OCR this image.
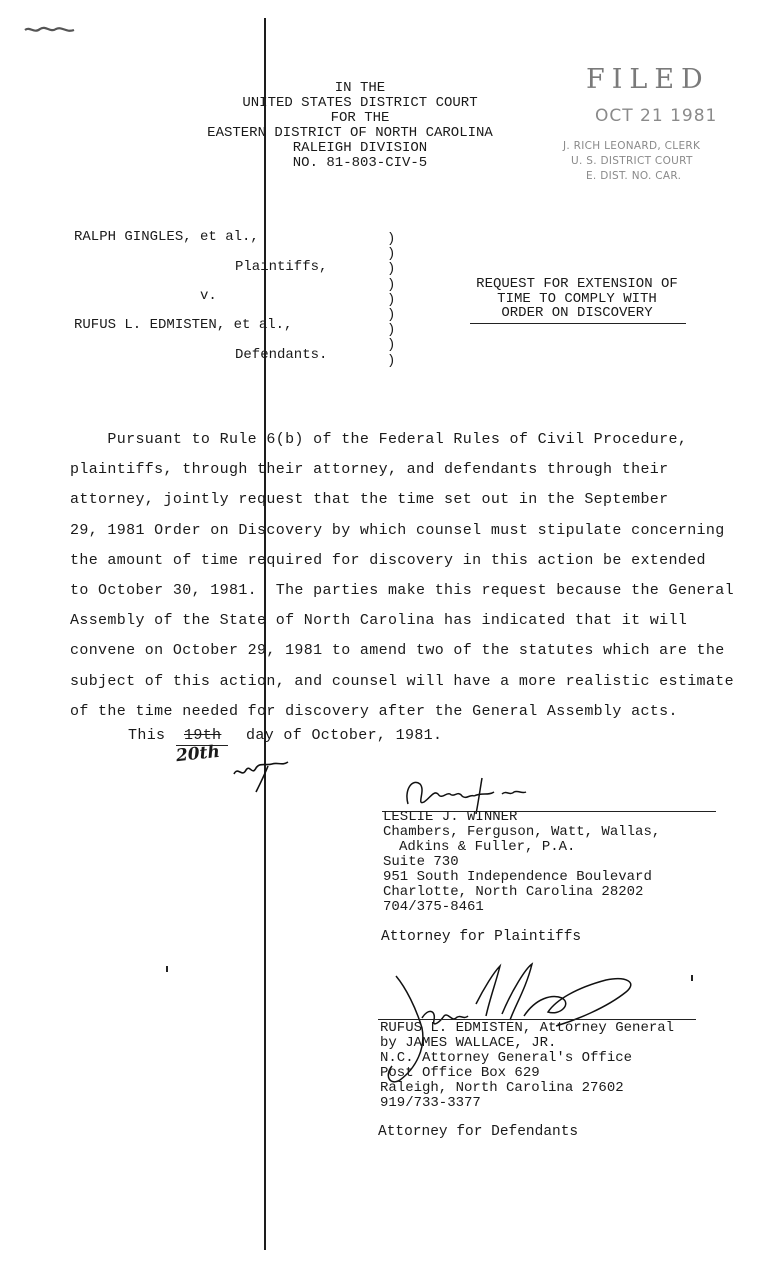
IN THE
UNITED STATES DISTRICT COURT
FOR THE
EASTERN DISTRICT OF NORTH CAROLINA
RALEIGH DIVISION
NO. 81-803-CIV-5
FILED
OCT 21 1981
J. RICH LEONARD, CLERK
U. S. DISTRICT COURT
E. DIST. NO. CAR.
RALPH GINGLES, et al.,
Plaintiffs,
v.
RUFUS L. EDMISTEN, et al.,
Defendants.
)
)
)
)
)
)
)
)
)
REQUEST FOR EXTENSION OF
TIME TO COMPLY WITH
ORDER ON DISCOVERY
Pursuant to Rule 6(b) of the Federal Rules of Civil Procedure,
plaintiffs, through their attorney, and defendants through their
attorney, jointly request that the time set out in the September
29, 1981 Order on Discovery by which counsel must stipulate concerning
the amount of time required for discovery in this action be extended
to October 30, 1981.  The parties make this request because the General
Assembly of the State of North Carolina has indicated that it will
convene on October 29, 1981 to amend two of the statutes which are the
subject of this action, and counsel will have a more realistic estimate
of the time needed for discovery after the General Assembly acts.
This 19th day of October, 1981.
20th
LESLIE J. WINNER
Chambers, Ferguson, Watt, Wallas,
Adkins & Fuller, P.A.
Suite 730
951 South Independence Boulevard
Charlotte, North Carolina 28202
704/375-8461
Attorney for Plaintiffs
RUFUS L. EDMISTEN, Attorney General
by JAMES WALLACE, JR.
N.C. Attorney General's Office
Post Office Box 629
Raleigh, North Carolina 27602
919/733-3377
Attorney for Defendants
